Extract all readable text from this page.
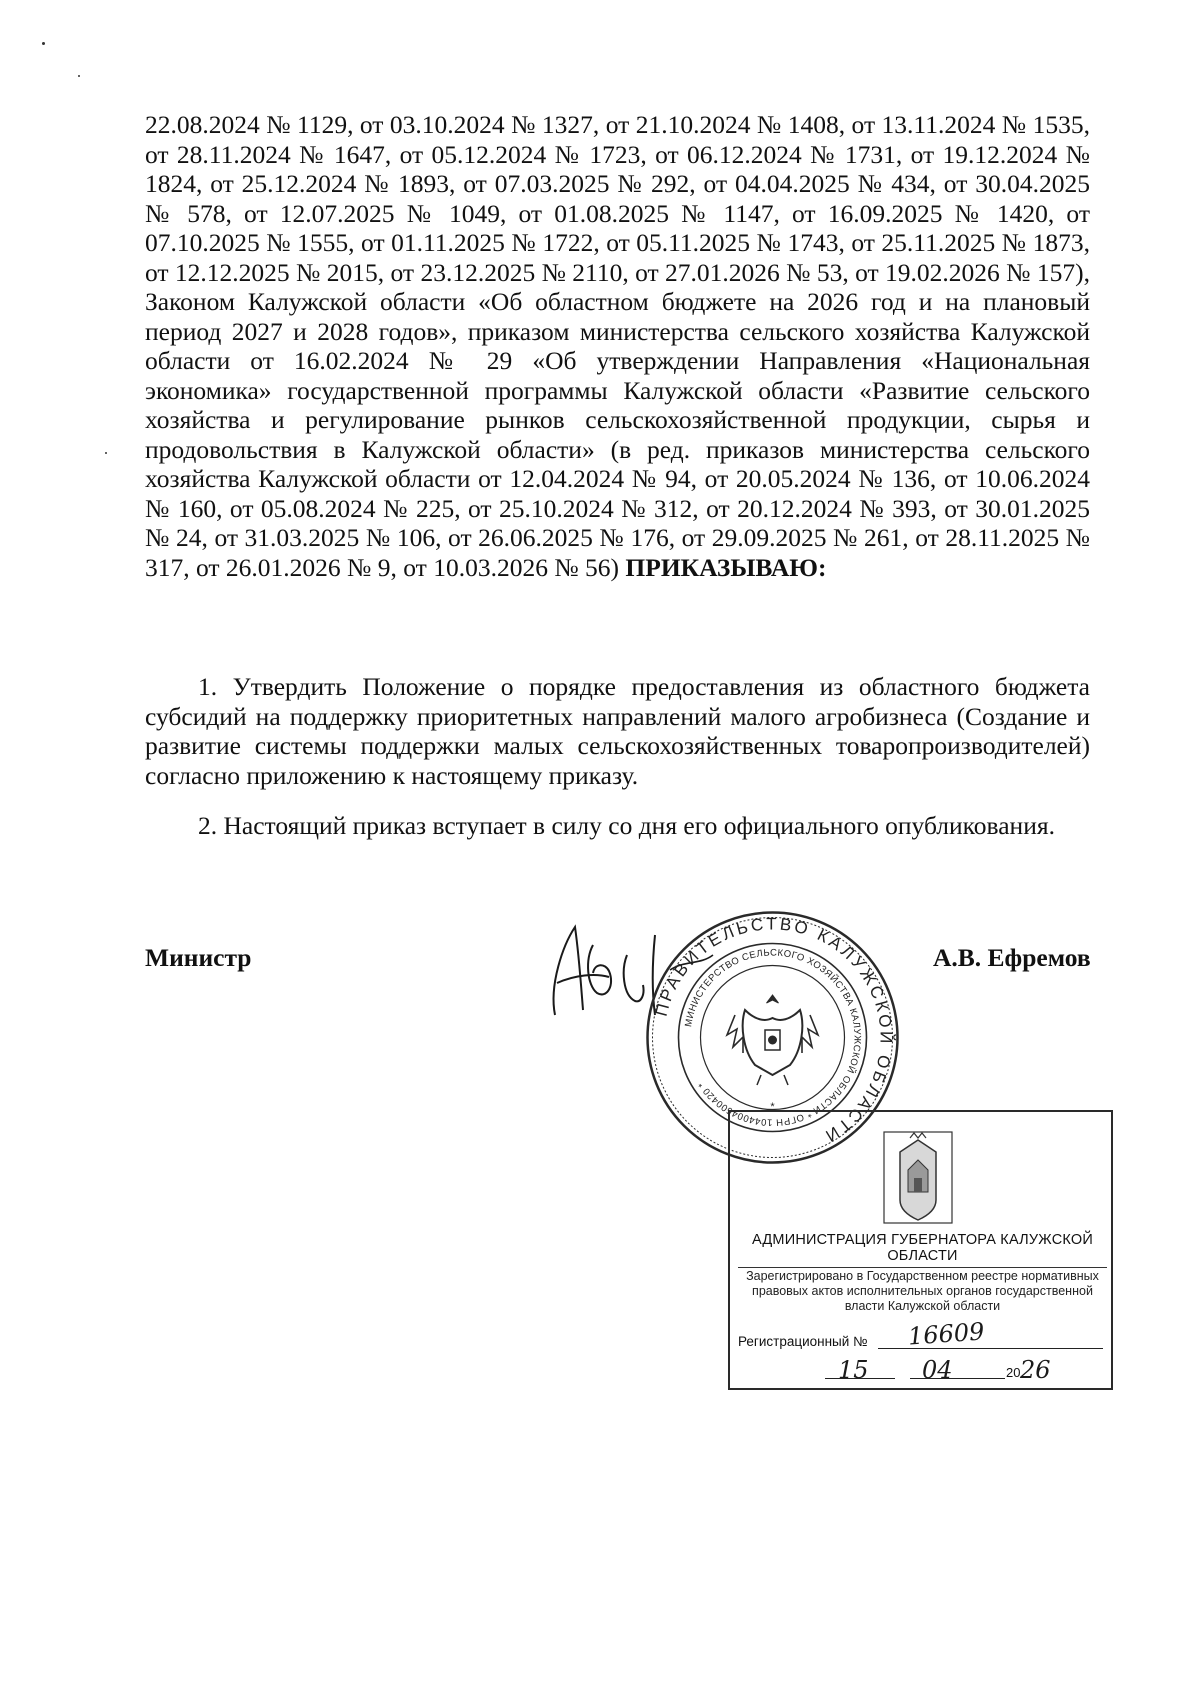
22.08.2024 № 1129, от 03.10.2024 № 1327, от 21.10.2024 № 1408, от 13.11.2024 № 1535, от 28.11.2024 № 1647, от 05.12.2024 № 1723, от 06.12.2024 № 1731, от 19.12.2024 № 1824, от 25.12.2024 № 1893, от 07.03.2025 № 292, от 04.04.2025 № 434, от 30.04.2025 № 578, от 12.07.2025 № 1049, от 01.08.2025 № 1147, от 16.09.2025 № 1420, от 07.10.2025 № 1555, от 01.11.2025 № 1722, от 05.11.2025 № 1743, от 25.11.2025 № 1873, от 12.12.2025 № 2015, от 23.12.2025 № 2110, от 27.01.2026 № 53, от 19.02.2026 № 157), Законом Калужской области «Об областном бюджете на 2026 год и на плановый период 2027 и 2028 годов», приказом министерства сельского хозяйства Калужской области от 16.02.2024 № 29 «Об утверждении Направления «Национальная экономика» государственной программы Калужской области «Развитие сельского хозяйства и регулирование рынков сельскохозяйственной продукции, сырья и продовольствия в Калужской области» (в ред. приказов министерства сельского хозяйства Калужской области от 12.04.2024 № 94, от 20.05.2024 № 136, от 10.06.2024 № 160, от 05.08.2024 № 225, от 25.10.2024 № 312, от 20.12.2024 № 393, от 30.01.2025 № 24, от 31.03.2025 № 106, от 26.06.2025 № 176, от 29.09.2025 № 261, от 28.11.2025 № 317, от 26.01.2026 № 9, от 10.03.2026 № 56) ПРИКАЗЫВАЮ:

1. Утвердить Положение о порядке предоставления из областного бюджета субсидий на поддержку приоритетных направлений малого агробизнеса (Создание и развитие системы поддержки малых сельскохозяйственных товаропроизводителей) согласно приложению к настоящему приказу.

2. Настоящий приказ вступает в силу со дня его официального опубликования.

Министр	А.В. Ефремов
ПРАВИТЕЛЬСТВО КАЛУЖСКОЙ ОБЛАСТИ
МИНИСТЕРСТВО СЕЛЬСКОГО ХОЗЯЙСТВА КАЛУЖСКОЙ ОБЛАСТИ * ОГРН 1044004600420 *
*
АДМИНИСТРАЦИЯ ГУБЕРНАТОРА КАЛУЖСКОЙ ОБЛАСТИ
Зарегистрировано в Государственном реестре нормативных правовых актов исполнительных органов государственной власти Калужской области
Регистрационный №	16609
15 04	20 26
